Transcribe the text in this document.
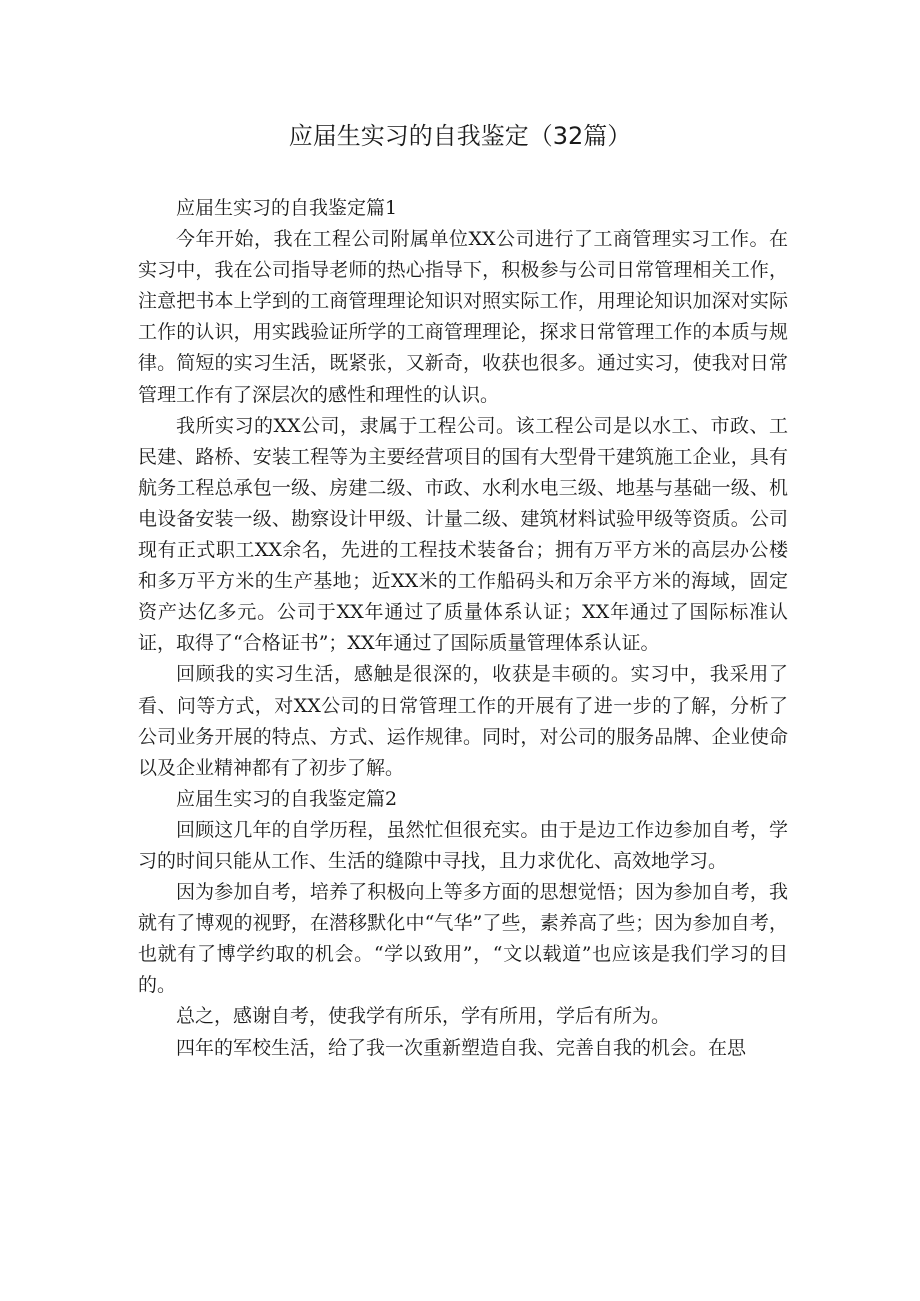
应届生实习的自我鉴定（32篇）

应届生实习的自我鉴定篇1

今年开始，我在工程公司附属单位XX公司进行了工商管理实习工作。在实习中，我在公司指导老师的热心指导下，积极参与公司日常管理相关工作，注意把书本上学到的工商管理理论知识对照实际工作，用理论知识加深对实际工作的认识，用实践验证所学的工商管理理论，探求日常管理工作的本质与规律。简短的实习生活，既紧张，又新奇，收获也很多。通过实习，使我对日常管理工作有了深层次的感性和理性的认识。

我所实习的XX公司，隶属于工程公司。该工程公司是以水工、市政、工民建、路桥、安装工程等为主要经营项目的国有大型骨干建筑施工企业，具有航务工程总承包一级、房建二级、市政、水利水电三级、地基与基础一级、机电设备安装一级、勘察设计甲级、计量二级、建筑材料试验甲级等资质。公司现有正式职工XX余名，先进的工程技术装备台；拥有万平方米的高层办公楼和多万平方米的生产基地；近XX米的工作船码头和万余平方米的海域，固定资产达亿多元。公司于XX年通过了质量体系认证；XX年通过了国际标准认证，取得了“合格证书”；XX年通过了国际质量管理体系认证。

回顾我的实习生活，感触是很深的，收获是丰硕的。实习中，我采用了看、问等方式，对XX公司的日常管理工作的开展有了进一步的了解，分析了公司业务开展的特点、方式、运作规律。同时，对公司的服务品牌、企业使命以及企业精神都有了初步了解。

应届生实习的自我鉴定篇2

回顾这几年的自学历程，虽然忙但很充实。由于是边工作边参加自考，学习的时间只能从工作、生活的缝隙中寻找，且力求优化、高效地学习。

因为参加自考，培养了积极向上等多方面的思想觉悟；因为参加自考，我就有了博观的视野，在潜移默化中“气华”了些，素养高了些；因为参加自考，也就有了博学约取的机会。“学以致用”，“文以载道”也应该是我们学习的目的。

总之，感谢自考，使我学有所乐，学有所用，学后有所为。

四年的军校生活，给了我一次重新塑造自我、完善自我的机会。在思
